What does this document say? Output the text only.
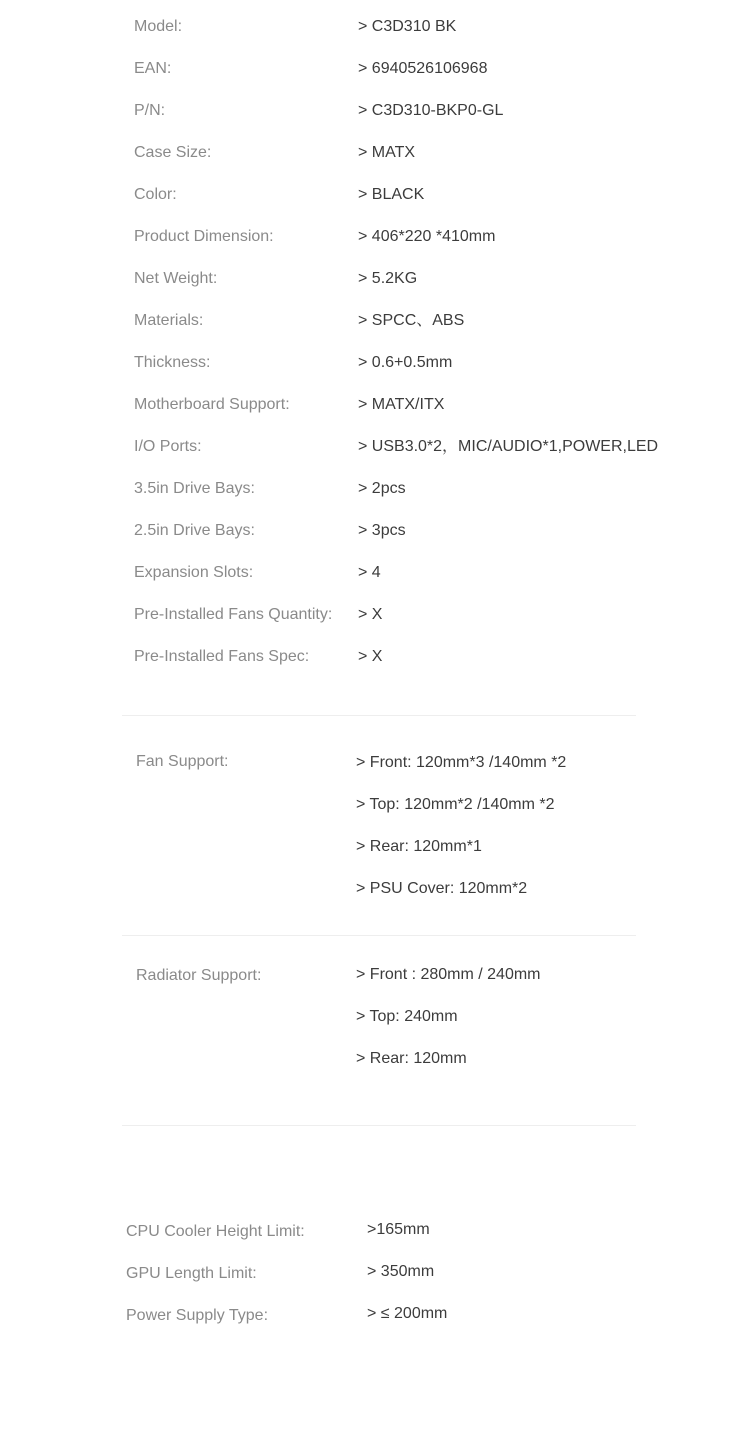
Model:	> C3D310 BK
EAN:	> 6940526106968
P/N:	> C3D310-BKP0-GL
Case Size:	> MATX
Color:	> BLACK
Product Dimension:	> 406*220 *410mm
Net Weight:	> 5.2KG
Materials:	> SPCC、ABS
Thickness:	> 0.6+0.5mm
Motherboard Support:	> MATX/ITX
I/O Ports:	> USB3.0*2，MIC/AUDIO*1,POWER,LED
3.5in Drive Bays:	> 2pcs
2.5in Drive Bays:	> 3pcs
Expansion Slots:	> 4
Pre-Installed Fans Quantity: > X
Pre-Installed Fans Spec:	> X
Fan Support:	> Front: 120mm*3 /140mm *2
> Top: 120mm*2 /140mm *2
> Rear: 120mm*1
> PSU Cover: 120mm*2
Radiator Support:	> Front : 280mm / 240mm
> Top: 240mm
> Rear: 120mm
CPU Cooler Height Limit:	>165mm
GPU Length Limit:	> 350mm
Power Supply Type:	> ≤ 200mm
